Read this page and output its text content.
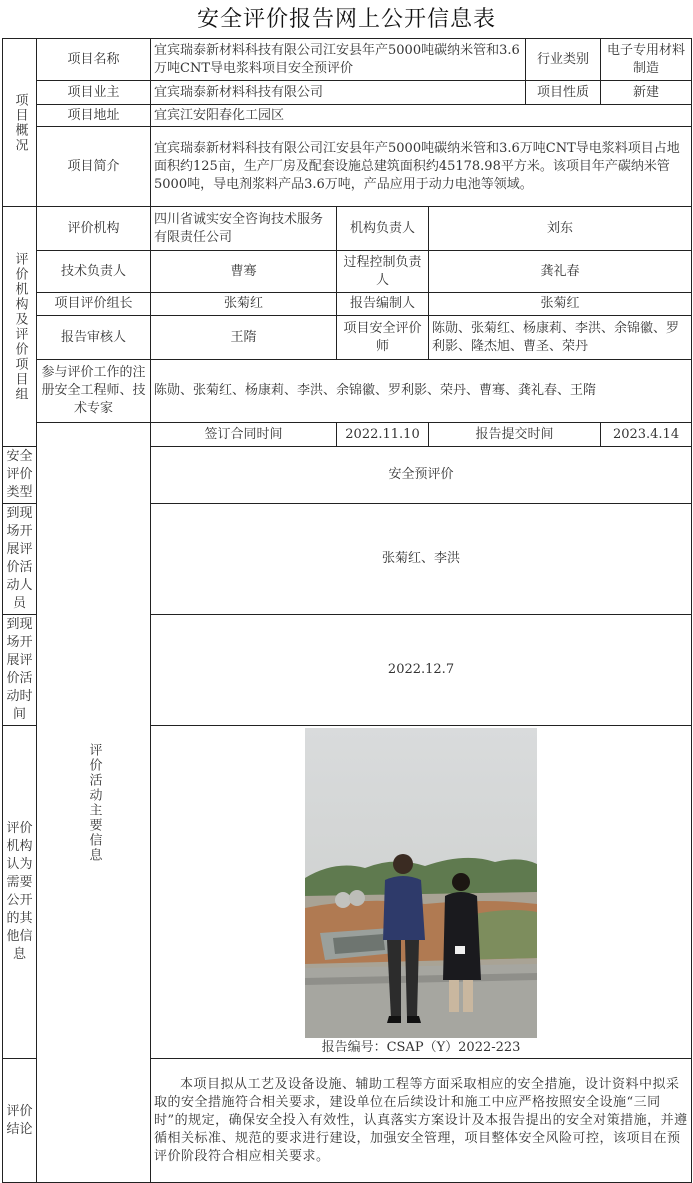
安全评价报告网上公开信息表
项目概况	项目名称	宜宾瑞泰新材料科技有限公司江安县年产5000吨碳纳米管和3.6万吨CNT导电浆料项目安全预评价			行业类别	电子专用材料制造
	项目业主	宜宾瑞泰新材料科技有限公司			项目性质	新建
	项目地址	宜宾江安阳春化工园区				
	项目简介	宜宾瑞泰新材料科技有限公司江安县年产5000吨碳纳米管和3.6万吨CNT导电浆料项目占地面积约125亩，生产厂房及配套设施总建筑面积约45178.98平方米。该项目年产碳纳米管5000吨，导电剂浆料产品3.6万吨，产品应用于动力电池等领域。				
评价机构及评价项目组	评价机构	四川省诚实安全咨询技术服务有限责任公司	机构负责人	刘东		
	技术负责人	曹骞	过程控制负责人	龚礼春		
	项目评价组长	张菊红	报告编制人	张菊红		
	报告审核人	王隋	项目安全评价师	陈勋、张菊红、杨康莉、李洪、余锦徽、罗利影、隆杰旭、曹圣、荣丹		
	参与评价工作的注册安全工程师、技术专家	陈勋、张菊红、杨康莉、李洪、余锦徽、罗利影、荣丹、曹骞、龚礼春、王隋				
	评价活动主要信息	签订合同时间	2022.11.10	报告提交时间		2023.4.14
安全评价类型		安全预评价				
到现场开展评价活动人员		张菊红、李洪				
到现场开展评价活动时间		2022.12.7				
评价机构认为需要公开的其他信息		报告编号：CSAP（Y）2022-223				

评价结论		本项目拟从工艺及设备设施、辅助工程等方面采取相应的安全措施，设计资料中拟采取的安全措施符合相关要求，建设单位在后续设计和施工中应严格按照安全设施“三同时”的规定，确保安全投入有效性，认真落实方案设计及本报告提出的安全对策措施，并遵循相关标准、规范的要求进行建设，加强安全管理，项目整体安全风险可控，该项目在预评价阶段符合相应相关要求。				
